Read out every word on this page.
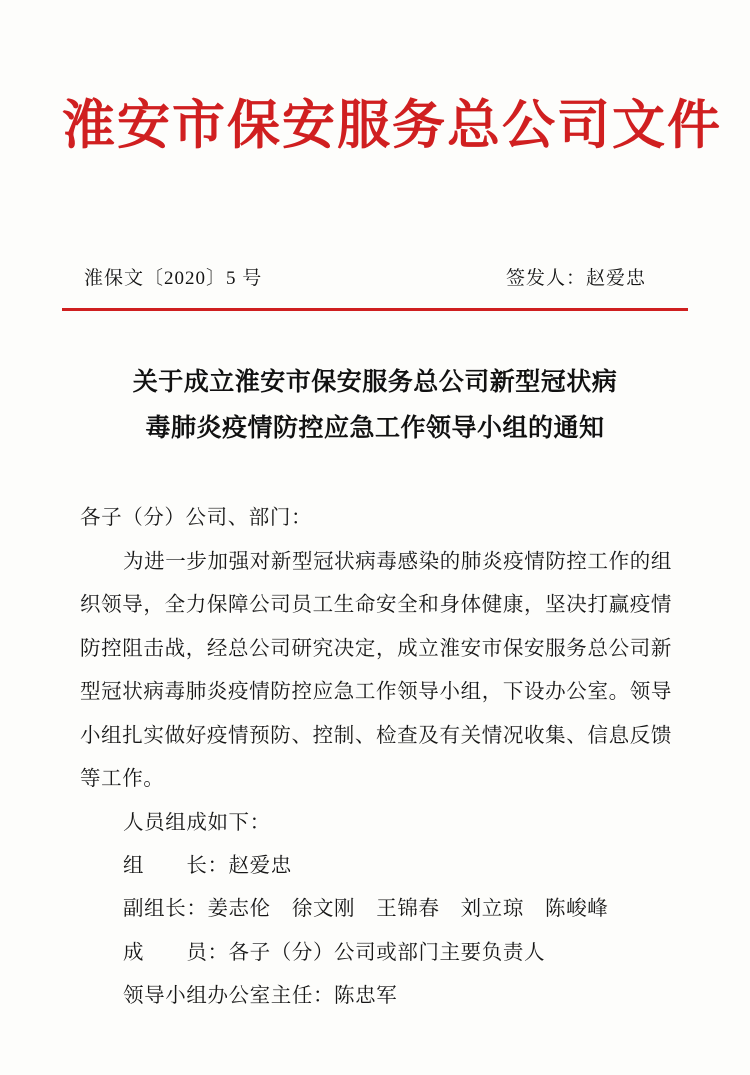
淮安市保安服务总公司文件
淮保文〔2020〕5 号	签发人：赵爱忠
关于成立淮安市保安服务总公司新型冠状病
毒肺炎疫情防控应急工作领导小组的通知
各子（分）公司、部门：
为进一步加强对新型冠状病毒感染的肺炎疫情防控工作的组织领导，全力保障公司员工生命安全和身体健康，坚决打赢疫情防控阻击战，经总公司研究决定，成立淮安市保安服务总公司新型冠状病毒肺炎疫情防控应急工作领导小组，下设办公室。领导小组扎实做好疫情预防、控制、检查及有关情况收集、信息反馈等工作。
人员组成如下：
组　　长：赵爱忠
副组长：姜志伦　徐文刚　王锦春　刘立琼　陈峻峰
成　　员：各子（分）公司或部门主要负责人
领导小组办公室主任：陈忠军
